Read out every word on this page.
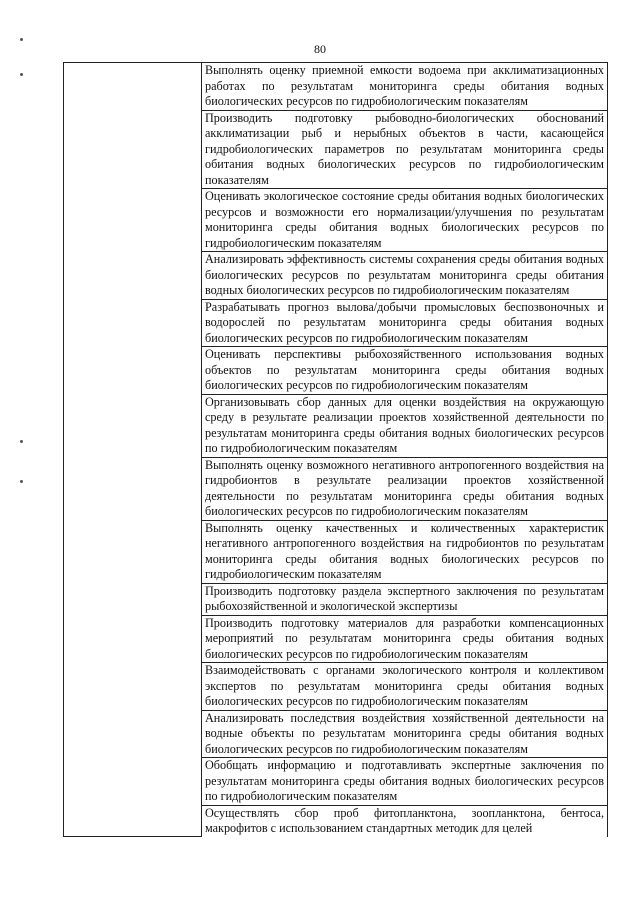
80

Выполнять оценку приемной емкости водоема при акклиматизационных работах по результатам мониторинга среды обитания водных биологических ресурсов по гидробиологическим показателям

Производить подготовку рыбоводно-биологических обоснований акклиматизации рыб и нерыбных объектов в части, касающейся гидробиологических параметров по результатам мониторинга среды обитания водных биологических ресурсов по гидробиологическим показателям

Оценивать экологическое состояние среды обитания водных биологических ресурсов и возможности его нормализации/улучшения по результатам мониторинга среды обитания водных биологических ресурсов по гидробиологическим показателям

Анализировать эффективность системы сохранения среды обитания водных биологических ресурсов по результатам мониторинга среды обитания водных биологических ресурсов по гидробиологическим показателям

Разрабатывать прогноз вылова/добычи промысловых беспозвоночных и водорослей по результатам мониторинга среды обитания водных биологических ресурсов по гидробиологическим показателям

Оценивать перспективы рыбохозяйственного использования водных объектов по результатам мониторинга среды обитания водных биологических ресурсов по гидробиологическим показателям

Организовывать сбор данных для оценки воздействия на окружающую среду в результате реализации проектов хозяйственной деятельности по результатам мониторинга среды обитания водных биологических ресурсов по гидробиологическим показателям

Выполнять оценку возможного негативного антропогенного воздействия на гидробионтов в результате реализации проектов хозяйственной деятельности по результатам мониторинга среды обитания водных биологических ресурсов по гидробиологическим показателям

Выполнять оценку качественных и количественных характеристик негативного антропогенного воздействия на гидробионтов по результатам мониторинга среды обитания водных биологических ресурсов по гидробиологическим показателям

Производить подготовку раздела экспертного заключения по результатам рыбохозяйственной и экологической экспертизы

Производить подготовку материалов для разработки компенсационных мероприятий по результатам мониторинга среды обитания водных биологических ресурсов по гидробиологическим показателям

Взаимодействовать с органами экологического контроля и коллективом экспертов по результатам мониторинга среды обитания водных биологических ресурсов по гидробиологическим показателям

Анализировать последствия воздействия хозяйственной деятельности на водные объекты по результатам мониторинга среды обитания водных биологических ресурсов по гидробиологическим показателям

Обобщать информацию и подготавливать экспертные заключения по результатам мониторинга среды обитания водных биологических ресурсов по гидробиологическим показателям

Осуществлять сбор проб фитопланктона, зоопланктона, бентоса, макрофитов с использованием стандартных методик для целей
